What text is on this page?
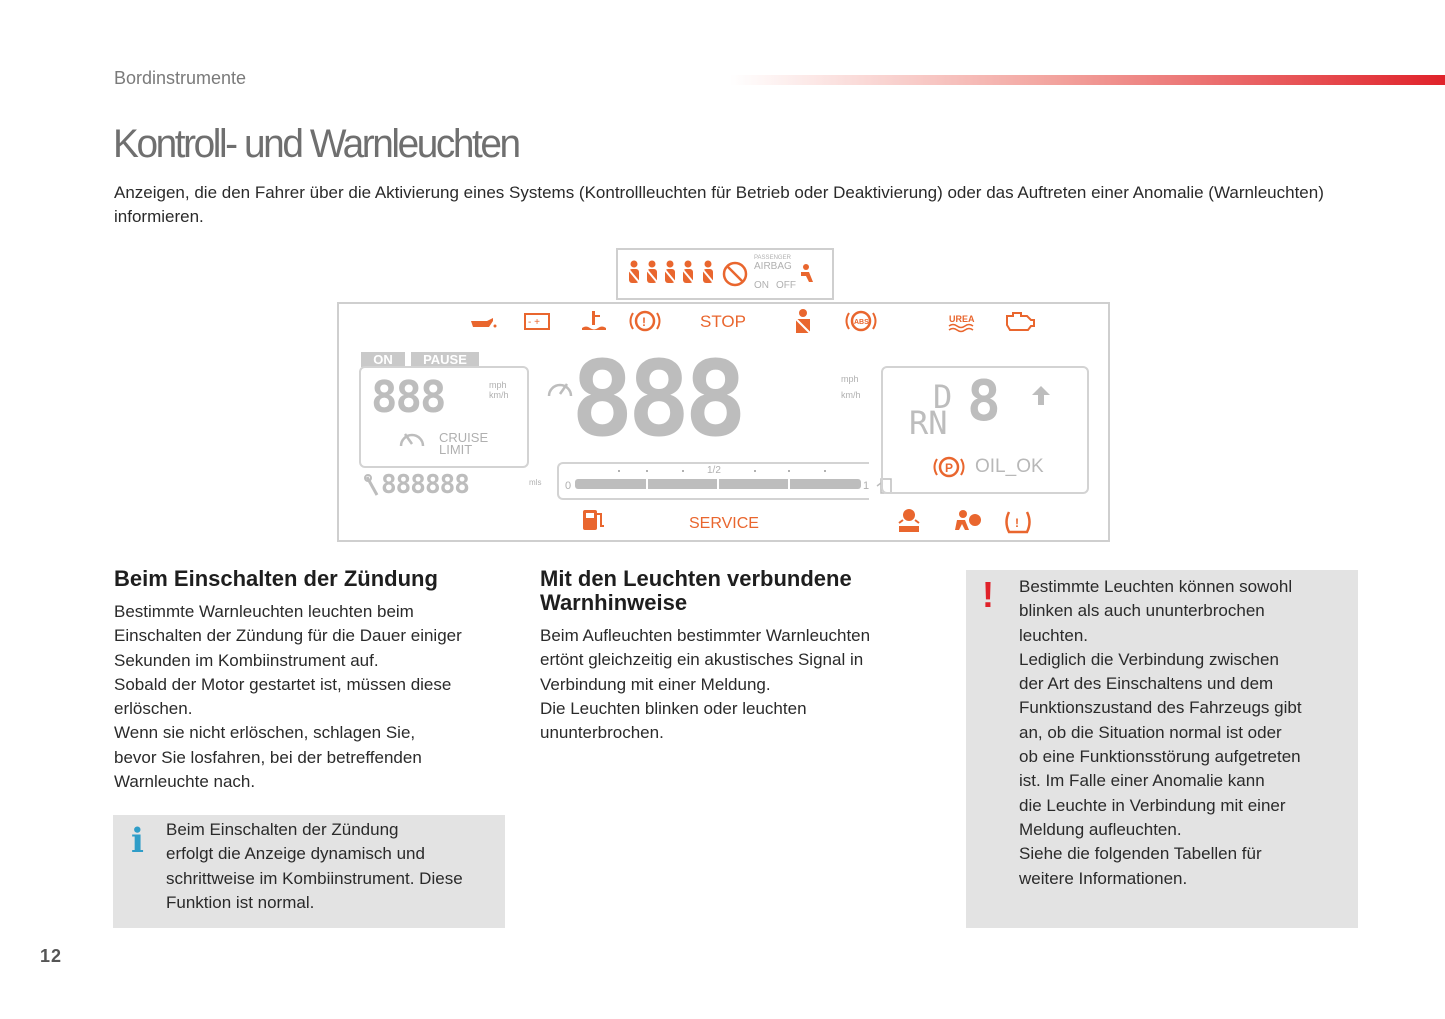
Bordinstrumente
Kontroll- und Warnleuchten
Anzeigen, die den Fahrer über die Aktivierung eines Systems (Kontrollleuchten für Betrieb oder Deaktivierung) oder das Auftreten einer Anomalie (Warnleuchten) informieren.
PASSENGER
AIRBAG
ON OFF
- +	!	ABS
STOP	UREA
ON	PAUSE
888	mph
km/h
CRUISE
LIMIT
888888	mls
888	mph
km/h
0
1/2
1
D
RN 8
P OIL_OK
!
SERVICE
Beim Einschalten der Zündung
Bestimmte Warnleuchten leuchten beim
Einschalten der Zündung für die Dauer einiger
Sekunden im Kombiinstrument auf.
Sobald der Motor gestartet ist, müssen diese
erlöschen.
Wenn sie nicht erlöschen, schlagen Sie,
bevor Sie losfahren, bei der betreffenden
Warnleuchte nach.
i Beim Einschalten der Zündung
erfolgt die Anzeige dynamisch und
schrittweise im Kombiinstrument. Diese
Funktion ist normal.
Mit den Leuchten verbundene
Warnhinweise
Beim Aufleuchten bestimmter Warnleuchten
ertönt gleichzeitig ein akustisches Signal in
Verbindung mit einer Meldung.
Die Leuchten blinken oder leuchten
ununterbrochen.
! Bestimmte Leuchten können sowohl
blinken als auch ununterbrochen
leuchten.
Lediglich die Verbindung zwischen
der Art des Einschaltens und dem
Funktionszustand des Fahrzeugs gibt
an, ob die Situation normal ist oder
ob eine Funktionsstörung aufgetreten
ist. Im Falle einer Anomalie kann
die Leuchte in Verbindung mit einer
Meldung aufleuchten.
Siehe die folgenden Tabellen für
weitere Informationen.
12
